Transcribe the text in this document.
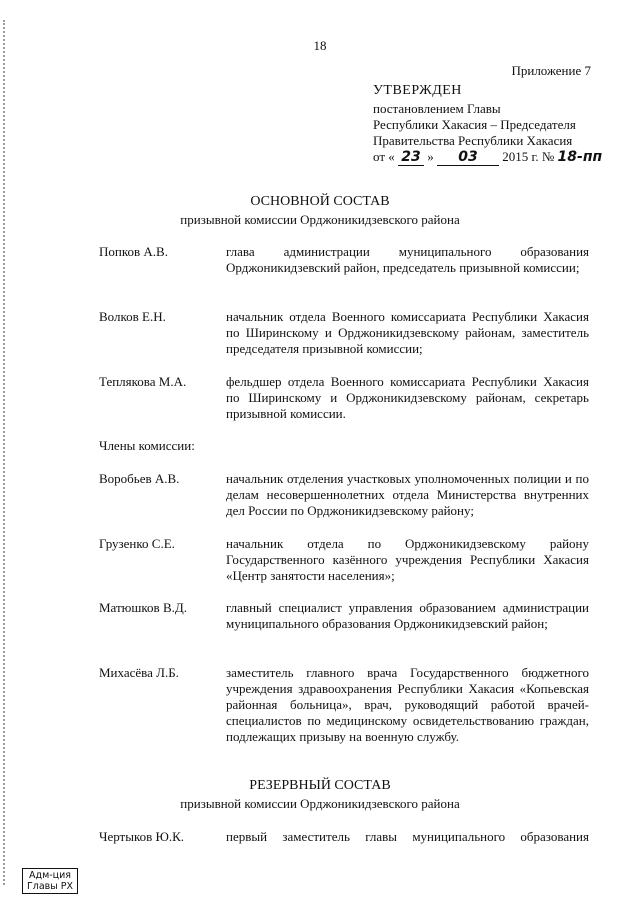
18
Приложение 7
УТВЕРЖДЕН
постановлением Главы
Республики Хакасия – Председателя
Правительства Республики Хакасия
от « 23 » 03 2015 г. № 18-пп
ОСНОВНОЙ СОСТАВ
призывной комиссии Орджоникидзевского района
Попков А.В.	глава администрации муниципального образования Орджоникидзевский район, председатель призывной комиссии;
Волков Е.Н.	начальник отдела Военного комиссариата Республики Хакасия по Ширинскому и Орджоникидзевскому районам, заместитель председателя призывной комиссии;
Теплякова М.А.	фельдшер отдела Военного комиссариата Республики Хакасия по Ширинскому и Орджоникидзевскому районам, секретарь призывной комиссии.
Члены комиссии:
Воробьев А.В.	начальник отделения участковых уполномоченных полиции и по делам несовершеннолетних отдела Министерства внутренних дел России по Орджоникидзевскому району;
Грузенко С.Е.	начальник отдела по Орджоникидзевскому району Государственного казённого учреждения Республики Хакасия «Центр занятости населения»;
Матюшков В.Д.	главный специалист управления образованием администрации муниципального образования Орджоникидзевский район;
Михасёва Л.Б.	заместитель главного врача Государственного бюджетного учреждения здравоохранения Республики Хакасия «Копьевская районная больница», врач, руководящий работой врачей-специалистов по медицинскому освидетельствованию граждан, подлежащих призыву на военную службу.
РЕЗЕРВНЫЙ СОСТАВ
призывной комиссии Орджоникидзевского района
Чертыков Ю.К.	первый заместитель главы муниципального образования
Адм-ция
Главы РХ
